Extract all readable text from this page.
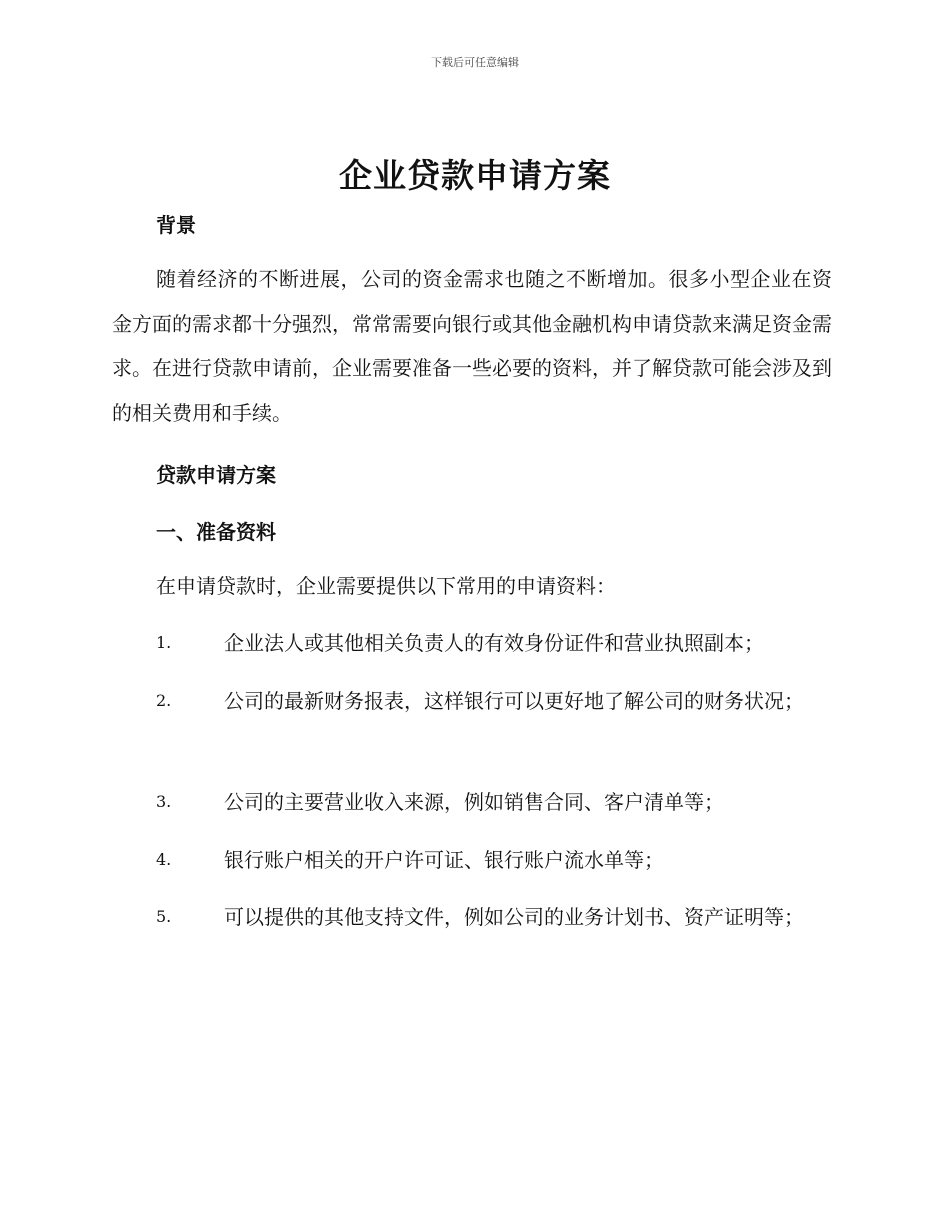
下载后可任意编辑
企业贷款申请方案
背景
随着经济的不断进展，公司的资金需求也随之不断增加。很多小型企业在资金方面的需求都十分强烈，常常需要向银行或其他金融机构申请贷款来满足资金需求。在进行贷款申请前，企业需要准备一些必要的资料，并了解贷款可能会涉及到的相关费用和手续。
贷款申请方案
一、准备资料
在申请贷款时，企业需要提供以下常用的申请资料：
1.	企业法人或其他相关负责人的有效身份证件和营业执照副本；
2.	公司的最新财务报表，这样银行可以更好地了解公司的财务状况；
3.	公司的主要营业收入来源，例如销售合同、客户清单等；
4.	银行账户相关的开户许可证、银行账户流水单等；
5.	可以提供的其他支持文件，例如公司的业务计划书、资产证明等；
